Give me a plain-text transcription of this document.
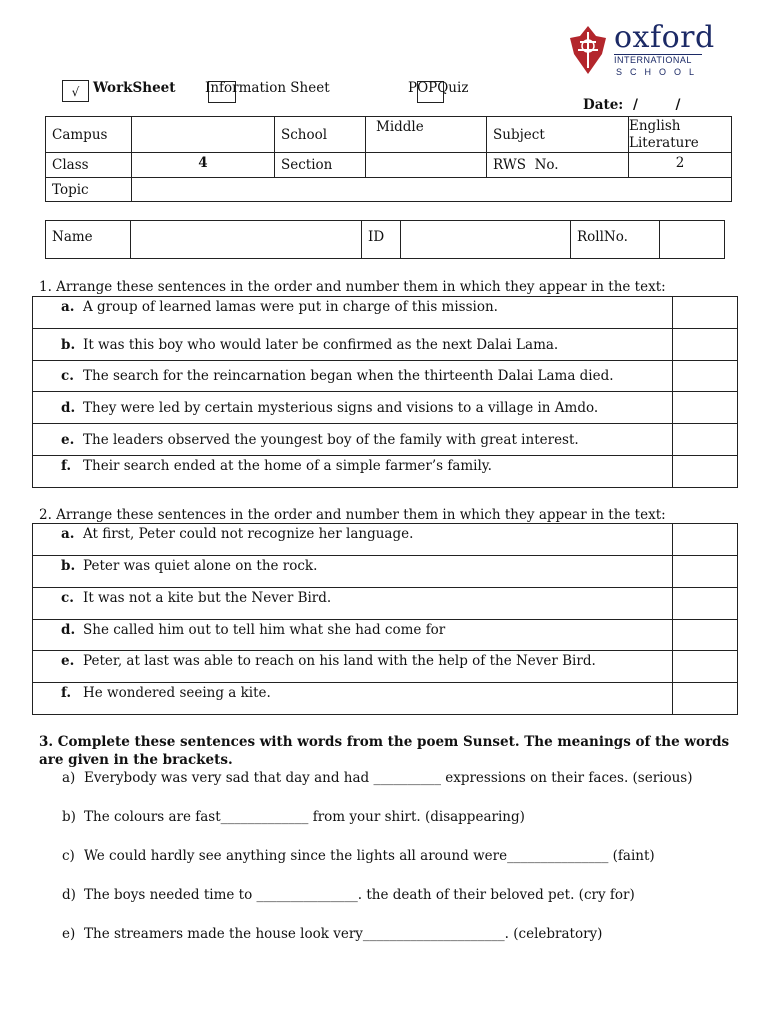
oxford
INTERNATIONAL
SCHOOL
√	WorkSheet Information Sheet	POPQuiz
Date: /        /
Campus		School	Middle	Subject	English Literature
Class	4	Section		RWS  No.	2
Topic					
Name		ID		RollNo.	
1. Arrange these sentences in the order and number them in which they appear in the text:
a. A group of learned lamas were put in charge of this mission.	

b. It was this boy who would later be confirmed as the next Dalai Lama.	

c. The search for the reincarnation began when the thirteenth Dalai Lama died.	

d. They were led by certain mysterious signs and visions to a village in Amdo.	

e. The leaders observed the youngest boy of the family with great interest.	

f. Their search ended at the home of a simple farmer’s family.	
2. Arrange these sentences in the order and number them in which they appear in the text:
a. At first, Peter could not recognize her language.	

b. Peter was quiet alone on the rock.	

c. It was not a kite but the Never Bird.	

d. She called him out to tell him what she had come for	

e. Peter, at last was able to reach on his land with the help of the Never Bird.	

f. He wondered seeing a kite.	
3. Complete these sentences with words from the poem Sunset. The meanings of the words are given in the brackets.
a) Everybody was very sad that day and had __________ expressions on their faces. (serious)
b) The colours are fast_____________ from your shirt. (disappearing)
c) We could hardly see anything since the lights all around were_______________ (faint)
d) The boys needed time to _______________. the death of their beloved pet. (cry for)
e) The streamers made the house look very_____________________. (celebratory)
